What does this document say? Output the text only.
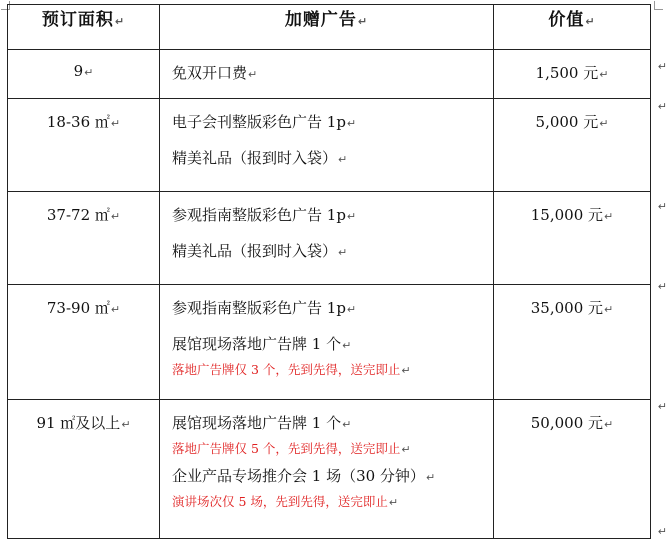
预订面积↵	加赠广告↵	价值↵
9↵	免双开口费↵	1,500 元↵
18-36 ㎡↵	电子会刊整版彩色广告 1p↵
精美礼品（报到时入袋）↵	5,000 元↵
37-72 ㎡↵	参观指南整版彩色广告 1p↵
精美礼品（报到时入袋）↵	15,000 元↵
73-90 ㎡↵	参观指南整版彩色广告 1p↵
展馆现场落地广告牌 1 个↵
落地广告牌仅 3 个，先到先得，送完即止↵	35,000 元↵
91 ㎡及以上↵	展馆现场落地广告牌 1 个↵
落地广告牌仅 5 个，先到先得，送完即止↵
企业产品专场推介会 1 场（30 分钟）↵
演讲场次仅 5 场，先到先得，送完即止↵	50,000 元↵
↵
↵
↵
↵
↵
↵
